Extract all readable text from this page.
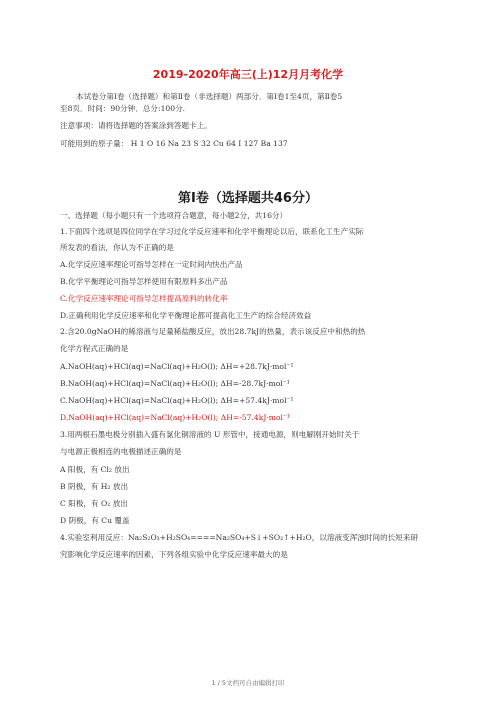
2019-2020年高三(上)12月月考化学
本试卷分第Ⅰ卷（选择题）和第Ⅱ卷（非选择题）两部分．第Ⅰ卷1至4页，第Ⅱ卷5
至8页．时间：90分钟．总分:100分.
注意事项：请将选择题的答案涂到答题卡上。
可能用到的原子量： H 1 O 16 Na 23 S 32 Cu 64 I 127 Ba 137
第Ⅰ卷（选择题共46分）
一、选择题（每小题只有一个选项符合题意，每小题2分，共16分）
1.下面四个选项是四位同学在学习过化学反应速率和化学平衡理论以后，联系化工生产实际
所发表的看法，你认为不正确的是
A.化学反应速率理论可指导怎样在一定时间内快出产品
B.化学平衡理论可指导怎样使用有限原料多出产品
C.化学反应速率理论可指导怎样提高原料的转化率
D.正确利用化学反应速率和化学平衡理论都可提高化工生产的综合经济效益
2.含20.0gNaOH的稀溶液与足量稀盐酸反应，放出28.7kJ的热量，表示该反应中和热的热
化学方程式正确的是
A.NaOH(aq)+HCl(aq)=NaCl(aq)+H₂O(l); ΔH=+28.7kJ·mol⁻¹
B.NaOH(aq)+HCl(aq)=NaCl(aq)+H₂O(l); ΔH=-28.7kJ·mol⁻¹
C.NaOH(aq)+HCl(aq)=NaCl(aq)+H₂O(l); ΔH=+57.4kJ·mol⁻¹
D.NaOH(aq)+HCl(aq)=NaCl(aq)+H₂O(l); ΔH=-57.4kJ·mol⁻¹
3.用两根石墨电极分别插入盛有氯化铜溶液的 U 形管中，接通电源，则电解刚开始时关于
与电源正极相连的电极描述正确的是
A 阳极，有 Cl₂ 放出
B 阴极，有 H₂ 放出
C 阳极，有 O₂ 放出
D 阴极，有 Cu 覆盖
4.实验室利用反应：Na₂S₂O₃+H₂SO₄====Na₂SO₄+S↓+SO₂↑+H₂O，以溶液变浑浊时间的长短来研
究影响化学反应速率的因素，下列各组实验中化学反应速率最大的是
1 / 5文档可自由编辑打印
